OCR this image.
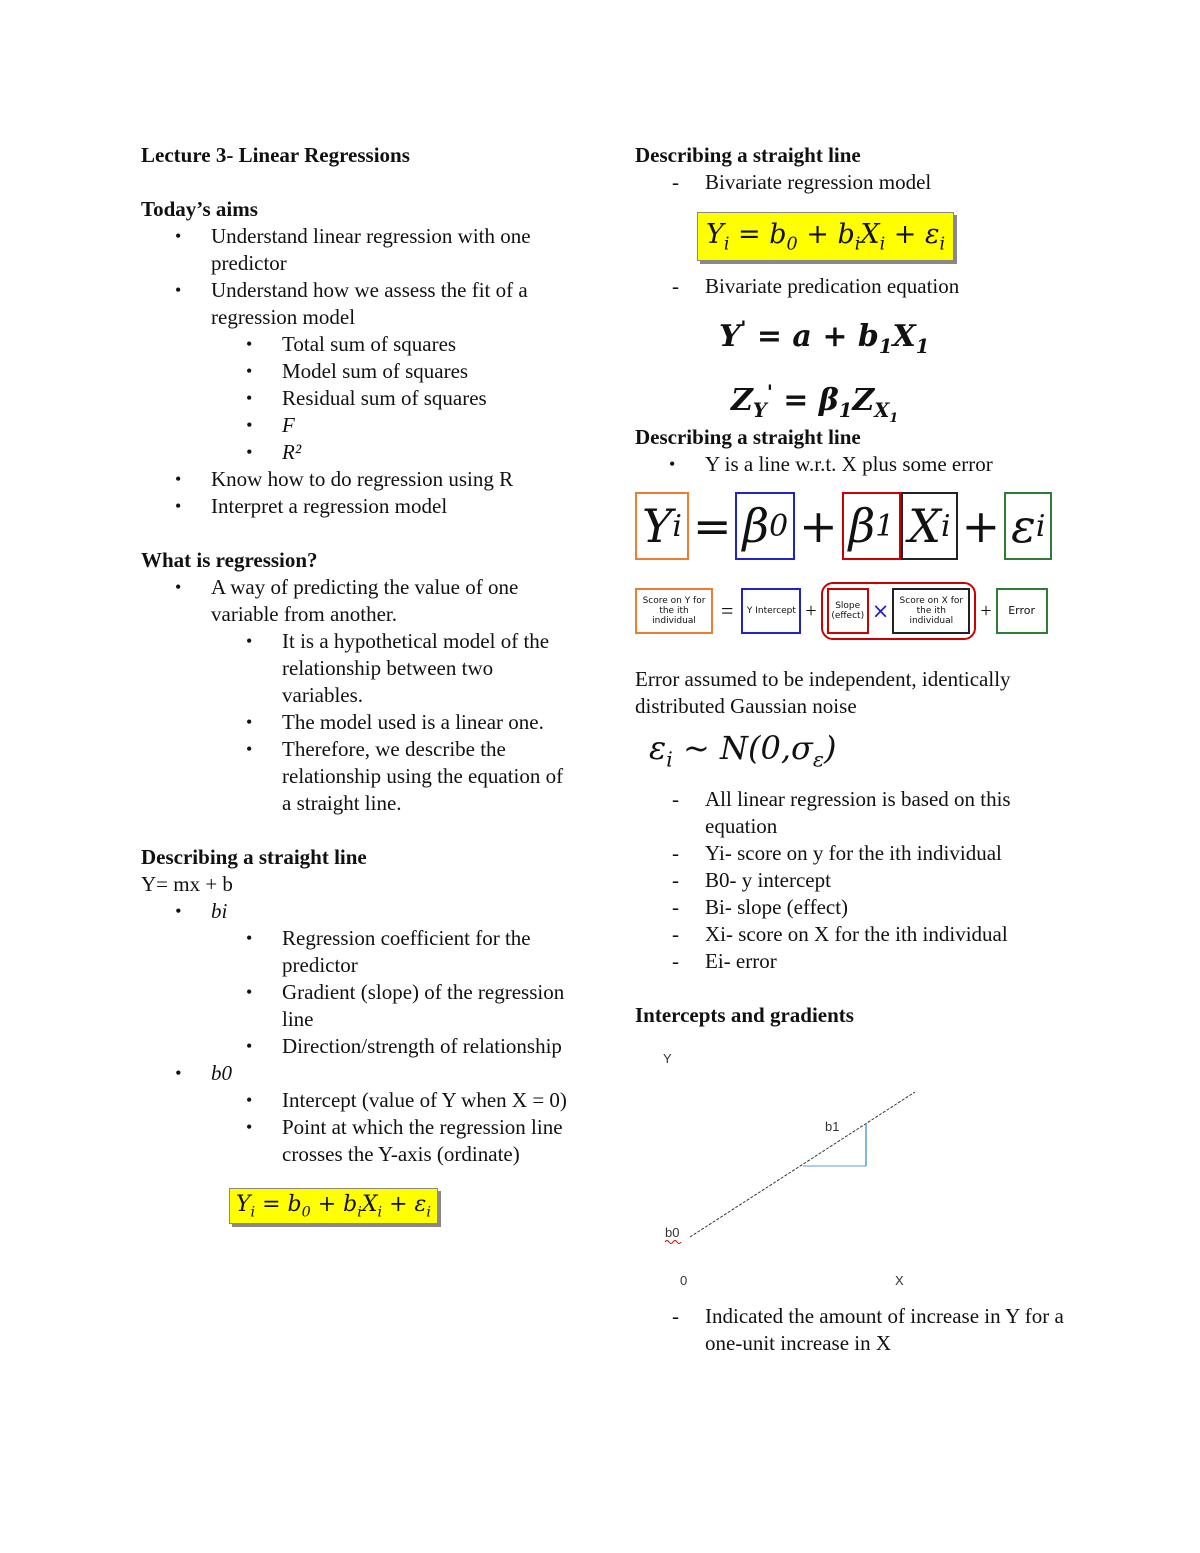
Lecture 3- Linear Regressions
Today’s aims
• Understand linear regression with one predictor
• Understand how we assess the fit of a regression model
• Total sum of squares
• Model sum of squares
• Residual sum of squares
• F
• R²
• Know how to do regression using R
• Interpret a regression model
What is regression?
• A way of predicting the value of one variable from another.
• It is a hypothetical model of the relationship between two variables.
• The model used is a linear one.
• Therefore, we describe the relationship using the equation of a straight line.
Describing a straight line
Y= mx + b
• bi
• Regression coefficient for the predictor
• Gradient (slope) of the regression line
• Direction/strength of relationship
• b0
• Intercept (value of Y when X = 0)
• Point at which the regression line crosses the Y-axis (ordinate)
$Y_i = b_0 + b_iX_i + \varepsilon_i$
Describing a straight line
- Bivariate regression model
$Y_i = b_0 + b_iX_i + \varepsilon_i$
- Bivariate predication equation
$Y' = a + b_1X_1$
$Z_Y' = \beta_1Z_{X_1}$
Describing a straight line
• Y is a line w.r.t. X plus some error
Y i = β 0 + β 1 X i + ε i
Score on Y for the ith individual	=	Y Intercept +	Slope (effect) ×	Score on X for the ith individual	+	Error
Error assumed to be independent, identically distributed Gaussian noise
$\varepsilon_i$ ~ $N(0,\sigma_\varepsilon)$
- All linear regression is based on this equation
- Yi- score on y for the ith individual
- B0- y intercept
- Bi- slope (effect)
- Xi- score on X for the ith individual
- Ei- error
Intercepts and gradients
Y
0	X
b1
b0
- Indicated the amount of increase in Y for a one-unit increase in X
